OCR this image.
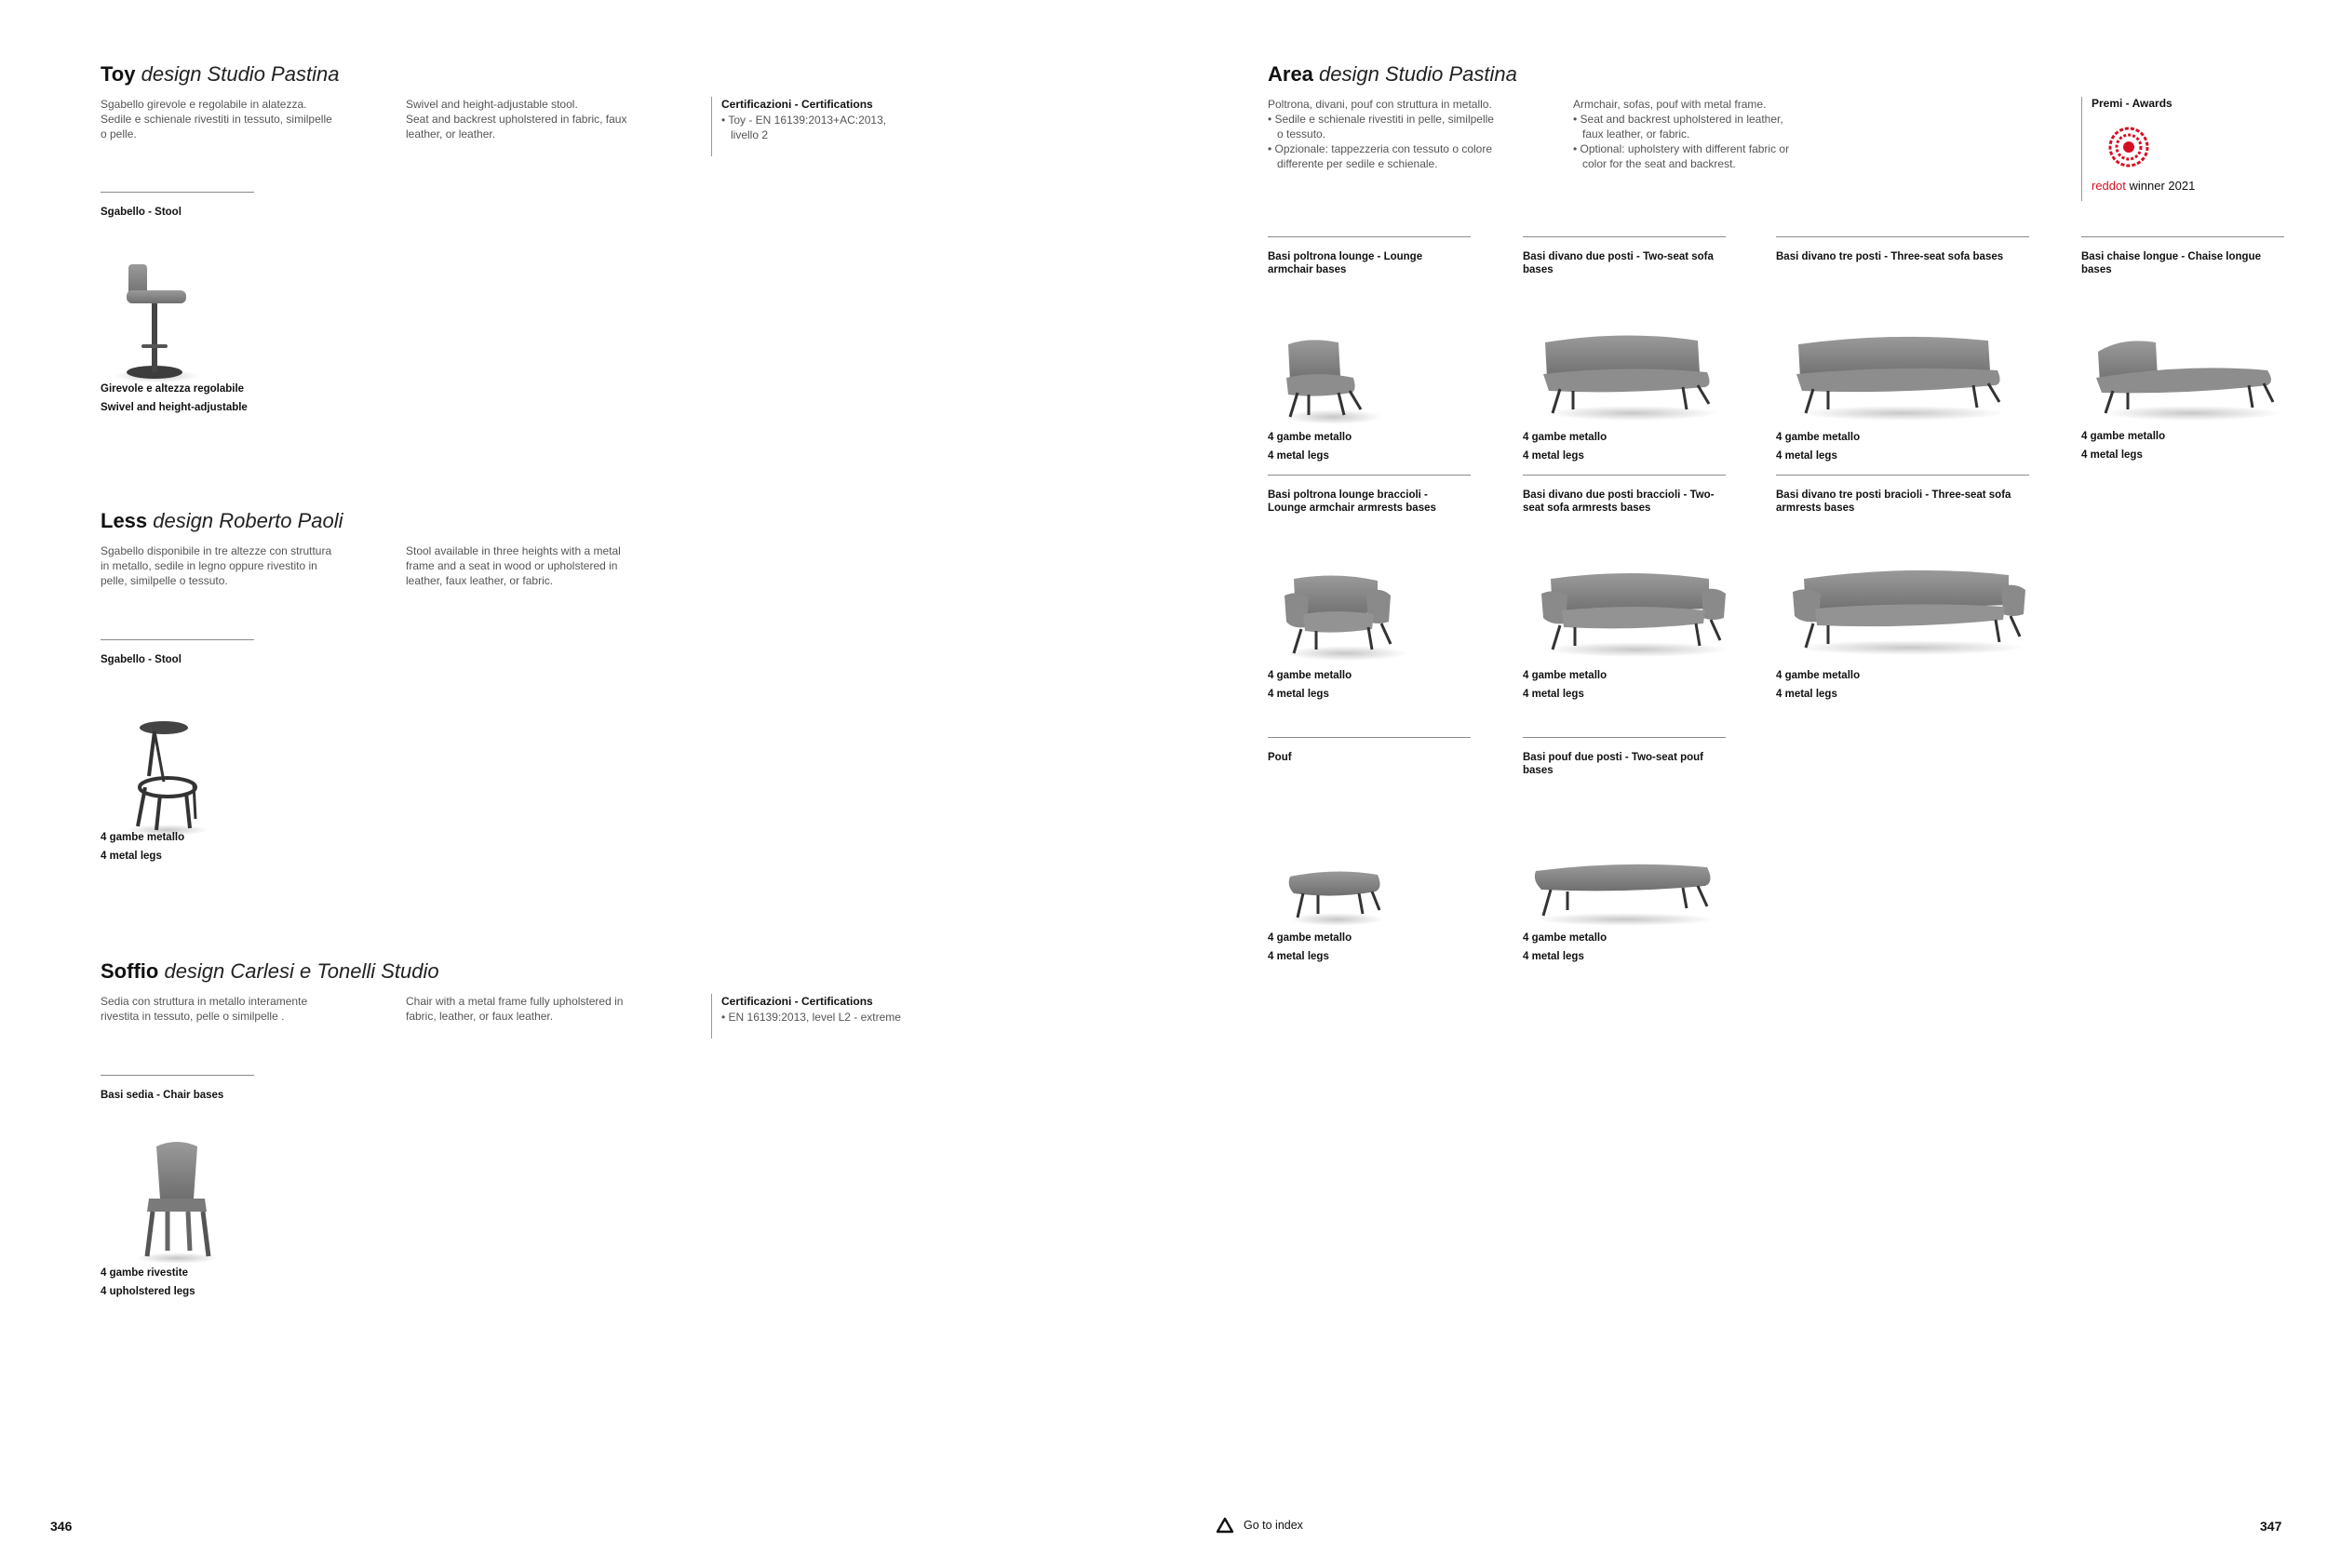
Toy design Studio Pastina
Sgabello girevole e regolabile in alatezza.
Sedile e schienale rivestiti in tessuto, similpelle
o pelle.
Swivel and height-adjustable stool.
Seat and backrest upholstered in fabric, faux
leather, or leather.
Certificazioni - Certifications
• Toy - EN 16139:2013+AC:2013,
livello 2
Sgabello - Stool
Girevole e altezza regolabile
Swivel and height-adjustable
Less design Roberto Paoli
Sgabello disponibile in tre altezze con struttura
in metallo, sedile in legno oppure rivestito in
pelle, similpelle o tessuto.
Stool available in three heights with a metal
frame and a seat in wood or upholstered in
leather, faux leather, or fabric.
Sgabello - Stool
4 gambe metallo
4 metal legs
Soffio design Carlesi e Tonelli Studio
Sedia con struttura in metallo interamente
rivestita in tessuto, pelle o similpelle .
Chair with a metal frame fully upholstered in
fabric, leather, or faux leather.
Certificazioni - Certifications
• EN 16139:2013, level L2 - extreme
Basi sedia - Chair bases
4 gambe rivestite
4 upholstered legs
Area design Studio Pastina
Poltrona, divani, pouf con struttura in metallo.
• Sedile e schienale rivestiti in pelle, similpelle
o tessuto.
• Opzionale: tappezzeria con tessuto o colore
differente per sedile e schienale.
Armchair, sofas, pouf with metal frame.
• Seat and backrest upholstered in leather,
faux leather, or fabric.
• Optional: upholstery with different fabric or
color for the seat and backrest.
Premi - Awards
reddot winner 2021
Basi poltrona lounge - Lounge armchair bases
Basi divano due posti - Two-seat sofa bases
Basi divano tre posti - Three-seat sofa bases	Basi chaise longue - Chaise longue bases
4 gambe metallo
4 metal legs
4 gambe metallo
4 metal legs
4 gambe metallo
4 metal legs
4 gambe metallo
4 metal legs
Basi poltrona lounge braccioli - Lounge armchair armrests bases
Basi divano due posti braccioli - Two-seat sofa armrests bases
Basi divano tre posti bracioli - Three-seat sofa armrests bases
4 gambe metallo
4 metal legs
4 gambe metallo
4 metal legs
4 gambe metallo
4 metal legs
Pouf	Basi pouf due posti - Two-seat pouf bases
4 gambe metallo
4 metal legs
4 gambe metallo
4 metal legs
346	Go to index	347
